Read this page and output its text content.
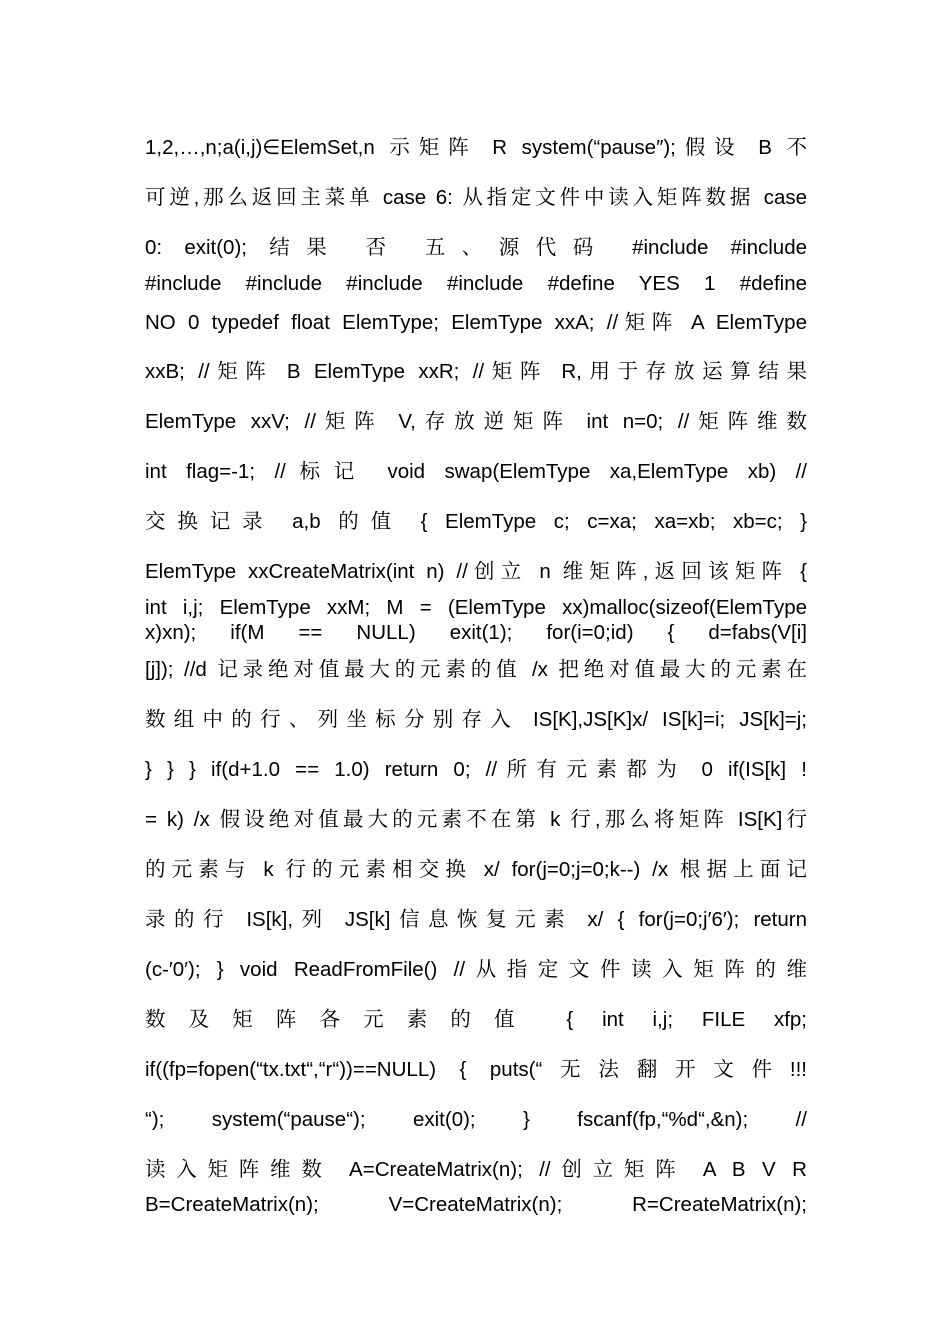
1,2,…,n;a(i,j)∈ElemSet,n 示矩阵 R system(“pause″);假设 B 不
可逆,那么返回主菜单 case 6: 从指定文件中读入矩阵数据 case
0: exit(0); 结果 否 五、源代码 #include #include
#include #include #include #include #define YES 1 #define
NO 0 typedef float ElemType; ElemType xxA; //矩阵 A ElemType
xxB; //矩阵 B ElemType xxR; //矩阵 R,用于存放运算结果
ElemType xxV; //矩阵 V,存放逆矩阵 int n=0; //矩阵维数
int flag=-1; //标记 void swap(ElemType xa,ElemType xb) //
交换记录 a,b 的值 { ElemType c; c=xa; xa=xb; xb=c; }
ElemType xxCreateMatrix(int n) //创立 n 维矩阵,返回该矩阵 {
int i,j; ElemType xxM; M = (ElemType xx)malloc(sizeof(ElemType
x)xn); if(M == NULL) exit(1); for(i=0;id) { d=fabs(V[i]
[j]); //d 记录绝对值最大的元素的值 /x 把绝对值最大的元素在
数组中的行、列坐标分别存入 IS[K],JS[K]x/ IS[k]=i; JS[k]=j;
} } } if(d+1.0 == 1.0) return 0; //所有元素都为 0 if(IS[k] !
= k) /x 假设绝对值最大的元素不在第 k 行,那么将矩阵 IS[K]行
的元素与 k 行的元素相交换 x/ for(j=0;j=0;k--) /x 根据上面记
录的行 IS[k],列 JS[k]信息恢复元素 x/ { for(j=0;j′6′); return
(c-′0′); } void ReadFromFile() //从指定文件读入矩阵的维
数及矩阵各元素的值 { int i,j; FILE xfp;
if((fp=fopen(“tx.txt“,“r“))==NULL) { puts(“无法翻开文件!!!
“); system(“pause“); exit(0); } fscanf(fp,“%d“,&n); //
读入矩阵维数 A=CreateMatrix(n); //创立矩阵 A B V R
B=CreateMatrix(n); V=CreateMatrix(n); R=CreateMatrix(n);
